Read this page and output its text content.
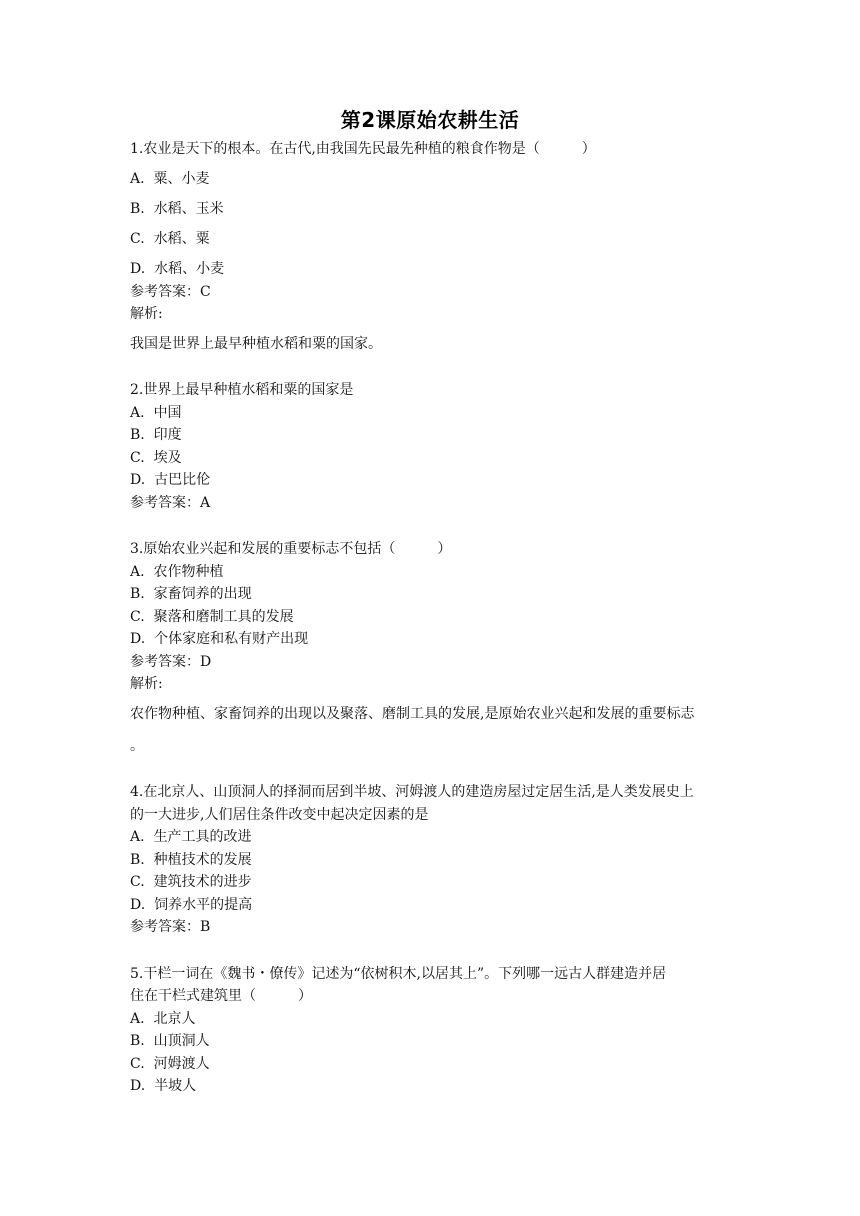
第2课原始农耕生活
1.农业是天下的根本。在古代,由我国先民最先种植的粮食作物是（　　　）
A.  粟、小麦
B.  水稻、玉米
C.  水稻、粟
D.  水稻、小麦
参考答案：C
解析:
我国是世界上最早种植水稻和粟的国家。
2.世界上最早种植水稻和粟的国家是
A.  中国
B.  印度
C.  埃及
D.  古巴比伦
参考答案：A
3.原始农业兴起和发展的重要标志不包括（　　　）
A.  农作物种植
B.  家畜饲养的出现
C.  聚落和磨制工具的发展
D.  个体家庭和私有财产出现
参考答案：D
解析:
农作物种植、家畜饲养的出现以及聚落、磨制工具的发展,是原始农业兴起和发展的重要标志
。
4.在北京人、山顶洞人的择洞而居到半坡、河姆渡人的建造房屋过定居生活,是人类发展史上
的一大进步,人们居住条件改变中起决定因素的是
A.  生产工具的改进
B.  种植技术的发展
C.  建筑技术的进步
D.  饲养水平的提高
参考答案：B
5.干栏一词在《魏书・僚传》记述为“依树积木,以居其上”。下列哪一远古人群建造并居
住在干栏式建筑里（　　　）
A.  北京人
B.  山顶洞人
C.  河姆渡人
D.  半坡人
